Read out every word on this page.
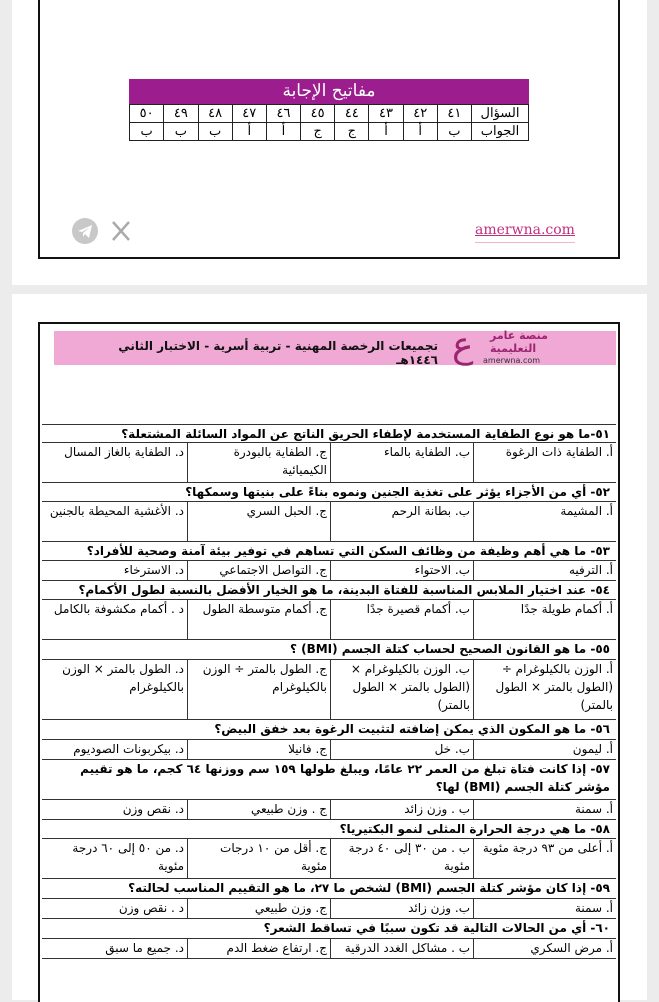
مفاتيح الإجابة
السؤال	٤١	٤٢	٤٣	٤٤	٤٥	٤٦	٤٧	٤٨	٤٩	٥٠
الجواب	ب	أ	أ	ج	ج	أ	أ	ب	ب	ب
amerwna.com
تجميعات الرخصة المهنية - تربية أسرية - الاختبار الثاني ١٤٤٦هـ ع منصة عامر
التعليمية
amerwna.com
٥١-ما هو نوع الطفاية المستخدمة لإطفاء الحريق الناتج عن المواد السائلة المشتعلة؟
أ. الطفاية ذات الرغوة
ب. الطفاية بالماء
ج. الطفاية بالبودرة الكيميائية
د. الطفاية بالغاز المسال
٥٢- أي من الأجزاء يؤثر على تغذية الجنين ونموه بناءً على بنيتها وسمكها؟
أ. المشيمة
ب. بطانة الرحم
ج. الحبل السري
د. الأغشية المحيطة بالجنين
٥٣- ما هي أهم وظيفة من وظائف السكن التي تساهم في توفير بيئة آمنة وصحية للأفراد؟
أ. الترفيه
ب. الاحتواء
ج. التواصل الاجتماعي
د. الاسترخاء
٥٤- عند اختيار الملابس المناسبة للفتاة البدينة، ما هو الخيار الأفضل بالنسبة لطول الأكمام؟
أ. أكمام طويلة جدًا
ب. أكمام قصيرة جدًا
ج. أكمام متوسطة الطول
د . أكمام مكشوفة بالكامل
٥٥- ما هو القانون الصحيح لحساب كتلة الجسم (BMI) ؟
أ. الوزن بالكيلوغرام ÷ (الطول بالمتر × الطول بالمتر)
ب. الوزن بالكيلوغرام × (الطول بالمتر × الطول بالمتر)
ج. الطول بالمتر ÷ الوزن بالكيلوغرام
د. الطول بالمتر × الوزن بالكيلوغرام
٥٦- ما هو المكون الذي يمكن إضافته لتثبيت الرغوة بعد خفق البيض؟
أ. ليمون
ب. خل
ج. فانيلا
د. بيكربونات الصوديوم
٥٧- إذا كانت فتاة تبلغ من العمر ٢٢ عامًا، ويبلغ طولها ١٥٩ سم ووزنها ٦٤ كجم، ما هو تقييم مؤشر كتلة الجسم (BMI) لها؟
أ. سمنة
ب . وزن زائد
ج . وزن طبيعي
د. نقص وزن
٥٨- ما هي درجة الحرارة المثلى لنمو البكتيريا؟
أ. أعلى من ٩٣ درجة مئوية
ب . من ٣٠ إلى ٤٠ درجة مئوية
ج. أقل من ١٠ درجات مئوية
د. من ٥٠ إلى ٦٠ درجة مئوية
٥٩- إذا كان مؤشر كتلة الجسم (BMI) لشخص ما ٢٧، ما هو التقييم المناسب لحالته؟
أ. سمنة
ب. وزن زائد
ج. وزن طبيعي
د . نقص وزن
٦٠- أي من الحالات التالية قد تكون سببًا في تساقط الشعر؟
أ. مرض السكري
ب . مشاكل الغدد الدرقية
ج. ارتفاع ضغط الدم
د. جميع ما سبق
